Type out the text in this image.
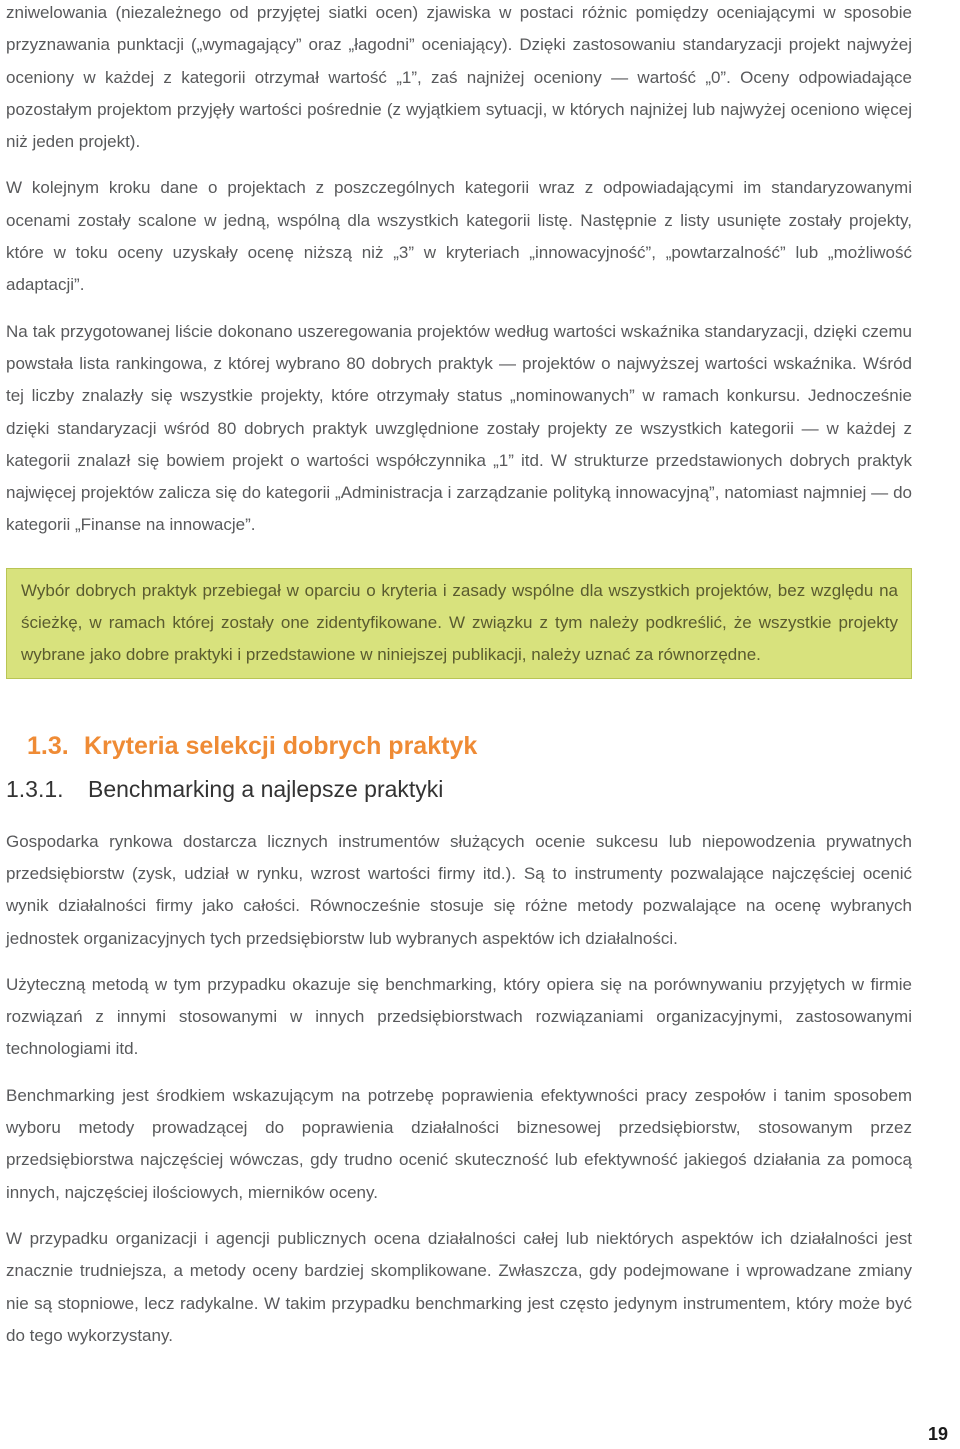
zniwelowania (niezależnego od przyjętej siatki ocen) zjawiska w postaci różnic pomiędzy oceniającymi w sposobie przyznawania punktacji („wymagający” oraz „łagodni” oceniający). Dzięki zastosowaniu standaryzacji projekt najwyżej oceniony w każdej z kategorii otrzymał wartość „1”, zaś najniżej oceniony — wartość „0”. Oceny odpowiadające pozostałym projektom przyjęły wartości pośrednie (z wyjątkiem sytuacji, w których najniżej lub najwyżej oceniono więcej niż jeden projekt).

W kolejnym kroku dane o projektach z poszczególnych kategorii wraz z odpowiadającymi im standaryzowanymi ocenami zostały scalone w jedną, wspólną dla wszystkich kategorii listę. Następnie z listy usunięte zostały projekty, które w toku oceny uzyskały ocenę niższą niż „3” w kryteriach „innowacyjność”, „powtarzalność” lub „możliwość adaptacji”.

Na tak przygotowanej liście dokonano uszeregowania projektów według wartości wskaźnika standaryzacji, dzięki czemu powstała lista rankingowa, z której wybrano 80 dobrych praktyk — projektów o najwyższej wartości wskaźnika. Wśród tej liczby znalazły się wszystkie projekty, które otrzymały status „nominowanych” w ramach konkursu. Jednocześnie dzięki standaryzacji wśród 80 dobrych praktyk uwzględnione zostały projekty ze wszystkich kategorii — w każdej z kategorii znalazł się bowiem projekt o wartości współczynnika „1” itd. W strukturze przedstawionych dobrych praktyk najwięcej projektów zalicza się do kategorii „Administracja i zarządzanie polityką innowacyjną”, natomiast najmniej — do kategorii „Finanse na innowacje”.

Wybór dobrych praktyk przebiegał w oparciu o kryteria i zasady wspólne dla wszystkich projektów, bez względu na ścieżkę, w ramach której zostały one zidentyfikowane. W związku z tym należy podkreślić, że wszystkie projekty wybrane jako dobre praktyki i przedstawione w niniejszej publikacji, należy uznać za równorzędne.

1.3. Kryteria selekcji dobrych praktyk
1.3.1. Benchmarking a najlepsze praktyki

Gospodarka rynkowa dostarcza licznych instrumentów służących ocenie sukcesu lub niepowodzenia prywatnych przedsiębiorstw (zysk, udział w rynku, wzrost wartości firmy itd.). Są to instrumenty pozwalające najczęściej ocenić wynik działalności firmy jako całości. Równocześnie stosuje się różne metody pozwalające na ocenę wybranych jednostek organizacyjnych tych przedsiębiorstw lub wybranych aspektów ich działalności.

Użyteczną metodą w tym przypadku okazuje się benchmarking, który opiera się na porównywaniu przyjętych w firmie rozwiązań z innymi stosowanymi w innych przedsiębiorstwach rozwiązaniami organizacyjnymi, zastosowanymi technologiami itd.

Benchmarking jest środkiem wskazującym na potrzebę poprawienia efektywności pracy zespołów i tanim sposobem wyboru metody prowadzącej do poprawienia działalności biznesowej przedsiębiorstw, stosowanym przez przedsiębiorstwa najczęściej wówczas, gdy trudno ocenić skuteczność lub efektywność jakiegoś działania za pomocą innych, najczęściej ilościowych, mierników oceny.

W przypadku organizacji i agencji publicznych ocena działalności całej lub niektórych aspektów ich działalności jest znacznie trudniejsza, a metody oceny bardziej skomplikowane. Zwłaszcza, gdy podejmowane i wprowadzane zmiany nie są stopniowe, lecz radykalne. W takim przypadku benchmarking jest często jedynym instrumentem, który może być do tego wykorzystany.

19
